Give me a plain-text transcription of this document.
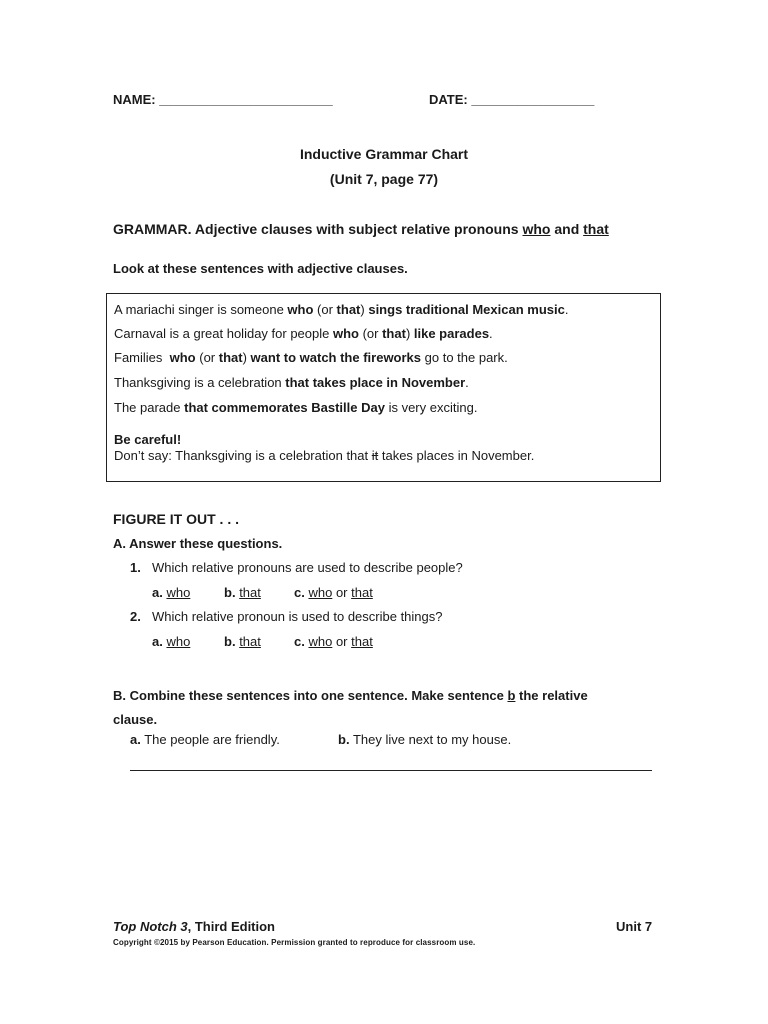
NAME: ________________________	DATE: _________________
Inductive Grammar Chart
(Unit 7, page 77)
GRAMMAR. Adjective clauses with subject relative pronouns who and that
Look at these sentences with adjective clauses.
A mariachi singer is someone who (or that) sings traditional Mexican music.
Carnaval is a great holiday for people who (or that) like parades.
Families  who (or that) want to watch the fireworks go to the park.
Thanksgiving is a celebration that takes place in November.
The parade that commemorates Bastille Day is very exciting.
Be careful!
Don’t say: Thanksgiving is a celebration that it takes places in November.
FIGURE IT OUT . . .
A. Answer these questions.
1. Which relative pronouns are used to describe people?
a. who	b. that	c. who or that
2. Which relative pronoun is used to describe things?
a. who	b. that	c. who or that
B. Combine these sentences into one sentence. Make sentence b the relative clause.
a. The people are friendly.	b. They live next to my house.
Top Notch 3, Third Edition	Unit 7
Copyright ©2015 by Pearson Education. Permission granted to reproduce for classroom use.
